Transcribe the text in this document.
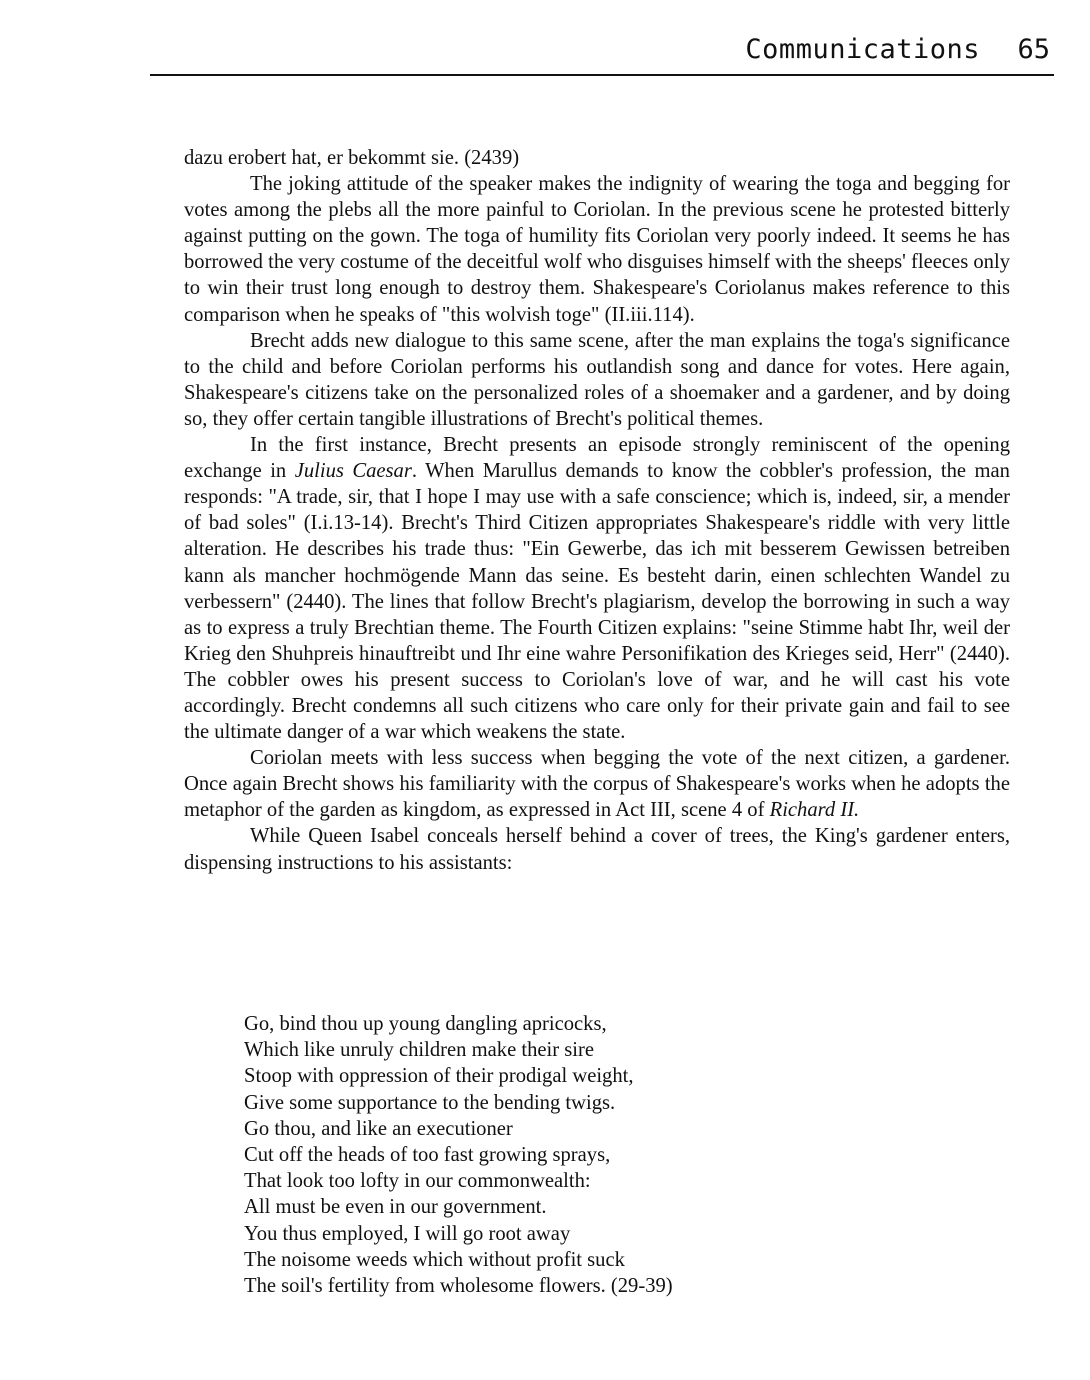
Communications 65

dazu erobert hat, er bekommt sie. (2439)

The joking attitude of the speaker makes the indignity of wearing the toga and begging for votes among the plebs all the more painful to Coriolan. In the previous scene he protested bitterly against putting on the gown. The toga of humility fits Coriolan very poorly indeed. It seems he has borrowed the very costume of the deceitful wolf who disguises himself with the sheeps' fleeces only to win their trust long enough to destroy them. Shakespeare's Coriolanus makes reference to this comparison when he speaks of "this wolvish toge" (II.iii.114).

Brecht adds new dialogue to this same scene, after the man explains the toga's significance to the child and before Coriolan performs his outlandish song and dance for votes. Here again, Shakespeare's citizens take on the personalized roles of a shoemaker and a gardener, and by doing so, they offer certain tangible illustrations of Brecht's political themes.

In the first instance, Brecht presents an episode strongly reminiscent of the opening exchange in Julius Caesar. When Marullus demands to know the cobbler's profession, the man responds: "A trade, sir, that I hope I may use with a safe conscience; which is, indeed, sir, a mender of bad soles" (I.i.13-14). Brecht's Third Citizen appropriates Shakespeare's riddle with very little alteration. He describes his trade thus: "Ein Gewerbe, das ich mit besserem Gewissen betreiben kann als mancher hochmögende Mann das seine. Es besteht darin, einen schlechten Wandel zu verbessern" (2440). The lines that follow Brecht's plagiarism, develop the borrowing in such a way as to express a truly Brechtian theme. The Fourth Citizen explains: "seine Stimme habt Ihr, weil der Krieg den Shuhpreis hinauftreibt und Ihr eine wahre Personifikation des Krieges seid, Herr" (2440). The cobbler owes his present success to Coriolan's love of war, and he will cast his vote accordingly. Brecht condemns all such citizens who care only for their private gain and fail to see the ultimate danger of a war which weakens the state.

Coriolan meets with less success when begging the vote of the next citizen, a gardener. Once again Brecht shows his familiarity with the corpus of Shakespeare's works when he adopts the metaphor of the garden as kingdom, as expressed in Act III, scene 4 of Richard II.

While Queen Isabel conceals herself behind a cover of trees, the King's gardener enters, dispensing instructions to his assistants:

Go, bind thou up young dangling apricocks,
Which like unruly children make their sire
Stoop with oppression of their prodigal weight,
Give some supportance to the bending twigs.
Go thou, and like an executioner
Cut off the heads of too fast growing sprays,
That look too lofty in our commonwealth:
All must be even in our government.
You thus employed, I will go root away
The noisome weeds which without profit suck
The soil's fertility from wholesome flowers. (29-39)
